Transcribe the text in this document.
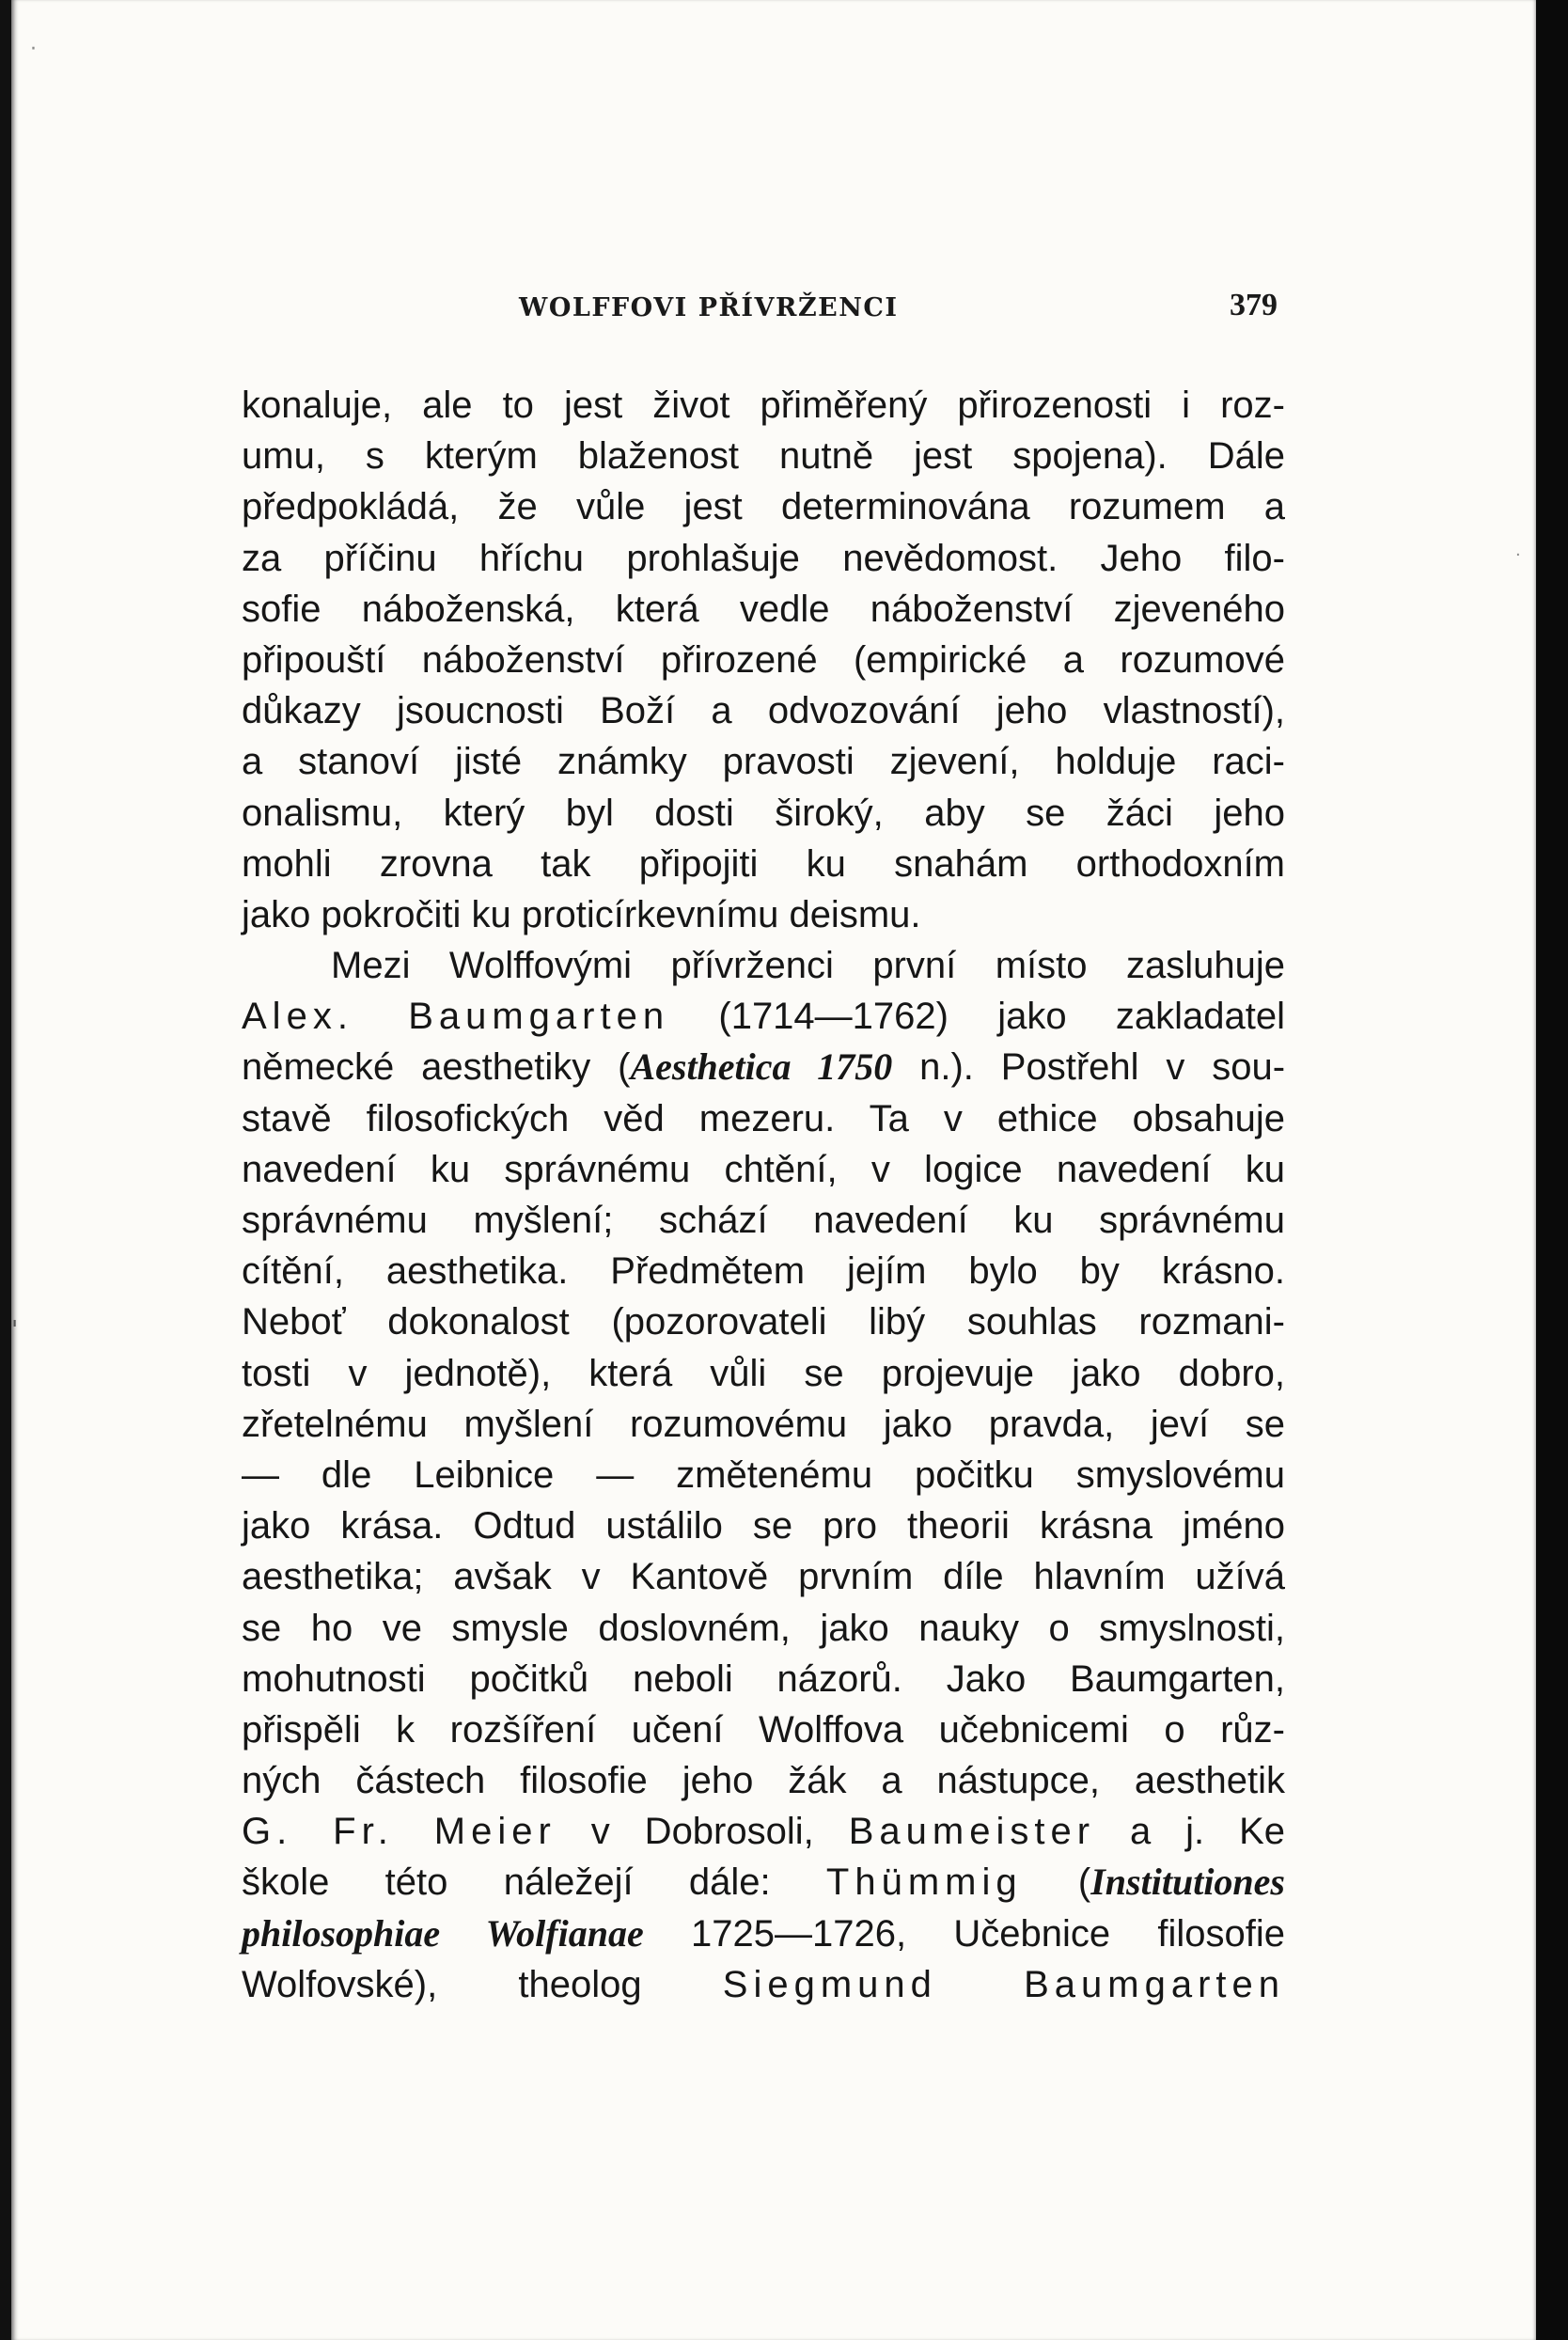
·
·
'
WOLFFOVI PŘÍVRŽENCI	379
konaluje, ale to jest život přiměřený přirozenosti i roz-
umu, s kterým blaženost nutně jest spojena). Dále
předpokládá, že vůle jest determinována rozumem a
za příčinu hříchu prohlašuje nevědomost. Jeho filo-
sofie náboženská, která vedle náboženství zjeveného
připouští náboženství přirozené (empirické a rozumové
důkazy jsoucnosti Boží a odvozování jeho vlastností),
a stanoví jisté známky pravosti zjevení, holduje raci-
onalismu, který byl dosti široký, aby se žáci jeho
mohli zrovna tak připojiti ku snahám orthodoxním
jako pokročiti ku proticírkevnímu deismu.
Mezi Wolffovými přívrženci první místo zasluhuje
Alex. Baumgarten (1714—1762) jako zakladatel
německé aesthetiky (Aesthetica 1750 n.). Postřehl v sou-
stavě filosofických věd mezeru. Ta v ethice obsahuje
navedení ku správnému chtění, v logice navedení ku
správnému myšlení; schází navedení ku správnému
cítění, aesthetika. Předmětem jejím bylo by krásno.
Neboť dokonalost (pozorovateli libý souhlas rozmani-
tosti v jednotě), která vůli se projevuje jako dobro,
zřetelnému myšlení rozumovému jako pravda, jeví se
— dle Leibnice — změtenému počitku smyslovému
jako krása. Odtud ustálilo se pro theorii krásna jméno
aesthetika; avšak v Kantově prvním díle hlavním užívá
se ho ve smysle doslovném, jako nauky o smyslnosti,
mohutnosti počitků neboli názorů. Jako Baumgarten,
přispěli k rozšíření učení Wolffova učebnicemi o růz-
ných částech filosofie jeho žák a nástupce, aesthetik
G. Fr. Meier v Dobrosoli, Baumeister a j. Ke
škole této náležejí dále: Thümmig (Institutiones
philosophiae Wolfianae 1725—1726, Učebnice filosofie
Wolfovské), theolog Siegmund Baumgarten
